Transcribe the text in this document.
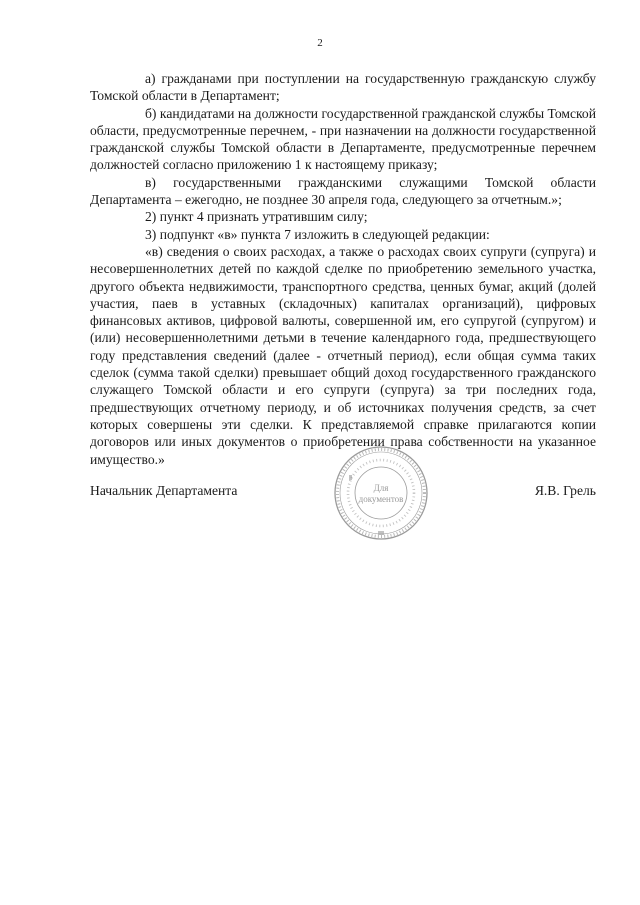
2

а) гражданами при поступлении на государственную гражданскую службу Томской области в Департамент;

б) кандидатами на должности государственной гражданской службы Томской области, предусмотренные перечнем, - при назначении на должности государственной гражданской службы Томской области в Департаменте, предусмотренные перечнем должностей согласно приложению 1 к настоящему приказу;

в) государственными гражданскими служащими Томской области Департамента – ежегодно, не позднее 30 апреля года, следующего за отчетным.»;

2) пункт 4 признать утратившим силу;

3) подпункт «в» пункта 7 изложить в следующей редакции:

«в) сведения о своих расходах, а также о расходах своих супруги (супруга) и несовершеннолетних детей по каждой сделке по приобретению земельного участка, другого объекта недвижимости, транспортного средства, ценных бумаг, акций (долей участия, паев в уставных (складочных) капиталах организаций), цифровых финансовых активов, цифровой валюты, совершенной им, его супругой (супругом) и (или) несовершеннолетними детьми в течение календарного года, предшествующего году представления сведений (далее - отчетный период), если общая сумма таких сделок (сумма такой сделки) превышает общий доход государственного гражданского служащего Томской области и его супруги (супруга) за три последних года, предшествующих отчетному периоду, и об источниках получения средств, за счет которых совершены эти сделки. К представляемой справке прилагаются копии договоров или иных документов о приобретении права собственности на указанное имущество.»

Начальник Департамента	Я.В. Грель
Для
документов
